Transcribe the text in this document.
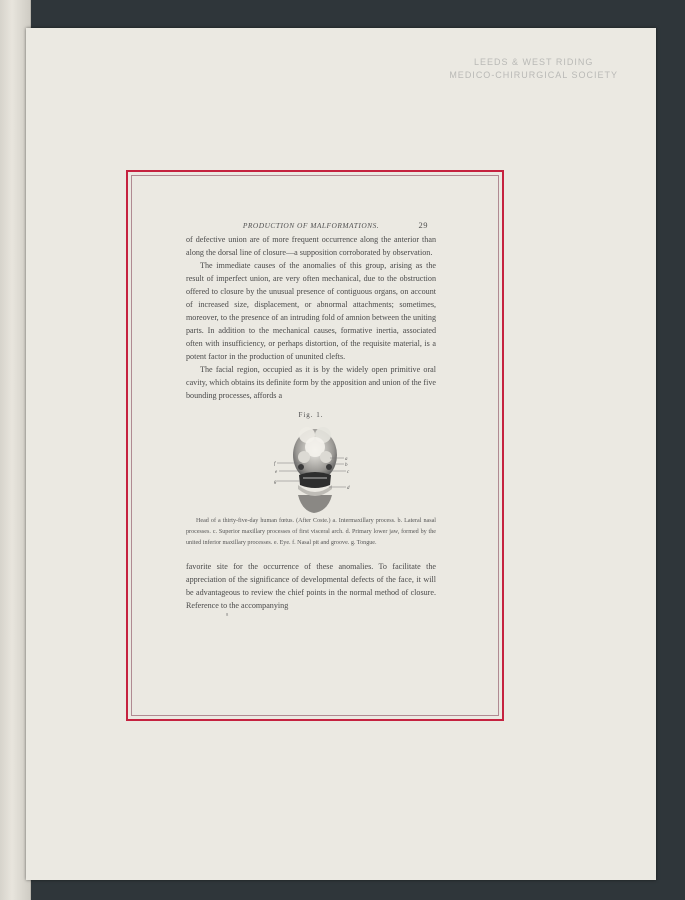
LEEDS & WEST RIDING
MEDICO-CHIRURGICAL SOCIETY
PRODUCTION OF MALFORMATIONS.	29

of defective union are of more frequent occurrence along the anterior than along the dorsal line of closure—a supposition corroborated by observation.

The immediate causes of the anomalies of this group, arising as the result of imperfect union, are very often mechanical, due to the obstruction offered to closure by the unusual presence of contiguous organs, on account of increased size, displacement, or abnormal attachments; sometimes, moreover, to the presence of an intruding fold of amnion between the uniting parts. In addition to the mechanical causes, formative inertia, associated often with insufficiency, or perhaps distortion, of the requisite material, is a potent factor in the production of ununited clefts.

The facial region, occupied as it is by the widely open primitive oral cavity, which obtains its definite form by the apposition and union of the five bounding processes, affords a

Fig. 1.
f
e
g
a
b
c
d

Head of a thirty-five-day human fœtus. (After Coste.) a. Intermaxillary process. b. Lateral nasal processes. c. Superior maxillary processes of first visceral arch. d. Primary lower jaw, formed by the united inferior maxillary processes. e. Eye. f. Nasal pit and groove. g. Tongue.

favorite site for the occurrence of these anomalies. To facilitate the appreciation of the significance of developmental defects of the face, it will be advantageous to review the chief points in the normal method of closure. Reference to the accompanying

8
